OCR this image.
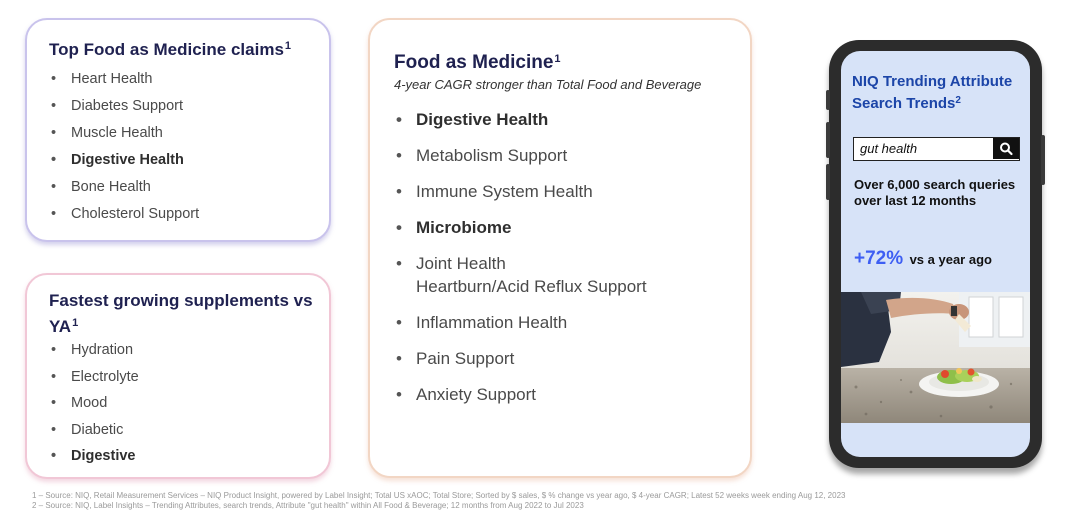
Top Food as Medicine claims$^1$
• Heart Health
• Diabetes Support
• Muscle Health
• Digestive Health
• Bone Health
• Cholesterol Support
Fastest growing supplements vs $YA^1$
• Hydration
• Electrolyte
• Mood
• Diabetic
• Digestive
Food as Medicine$^1$
4-year CAGR stronger than Total Food and Beverage
• Digestive Health
• Metabolism Support
• Immune System Health
• Microbiome
• Joint Health
Heartburn/Acid Reflux Support
• Inflammation Health
• Pain Support
• Anxiety Support
NIQ Trending Attribute Search Trends$^2$
gut health
Over 6,000 search queries over last 12 months
+72% vs a year ago
1 – Source: NIQ, Retail Measurement Services – NIQ Product Insight, powered by Label Insight; Total US xAOC; Total Store; Sorted by $ sales, $ % change vs year ago, $ 4-year CAGR; Latest 52 weeks week ending Aug 12, 2023
2 – Source: NIQ, Label Insights – Trending Attributes, search trends, Attribute "gut health" within All Food & Beverage; 12 months from Aug 2022 to Jul 2023
